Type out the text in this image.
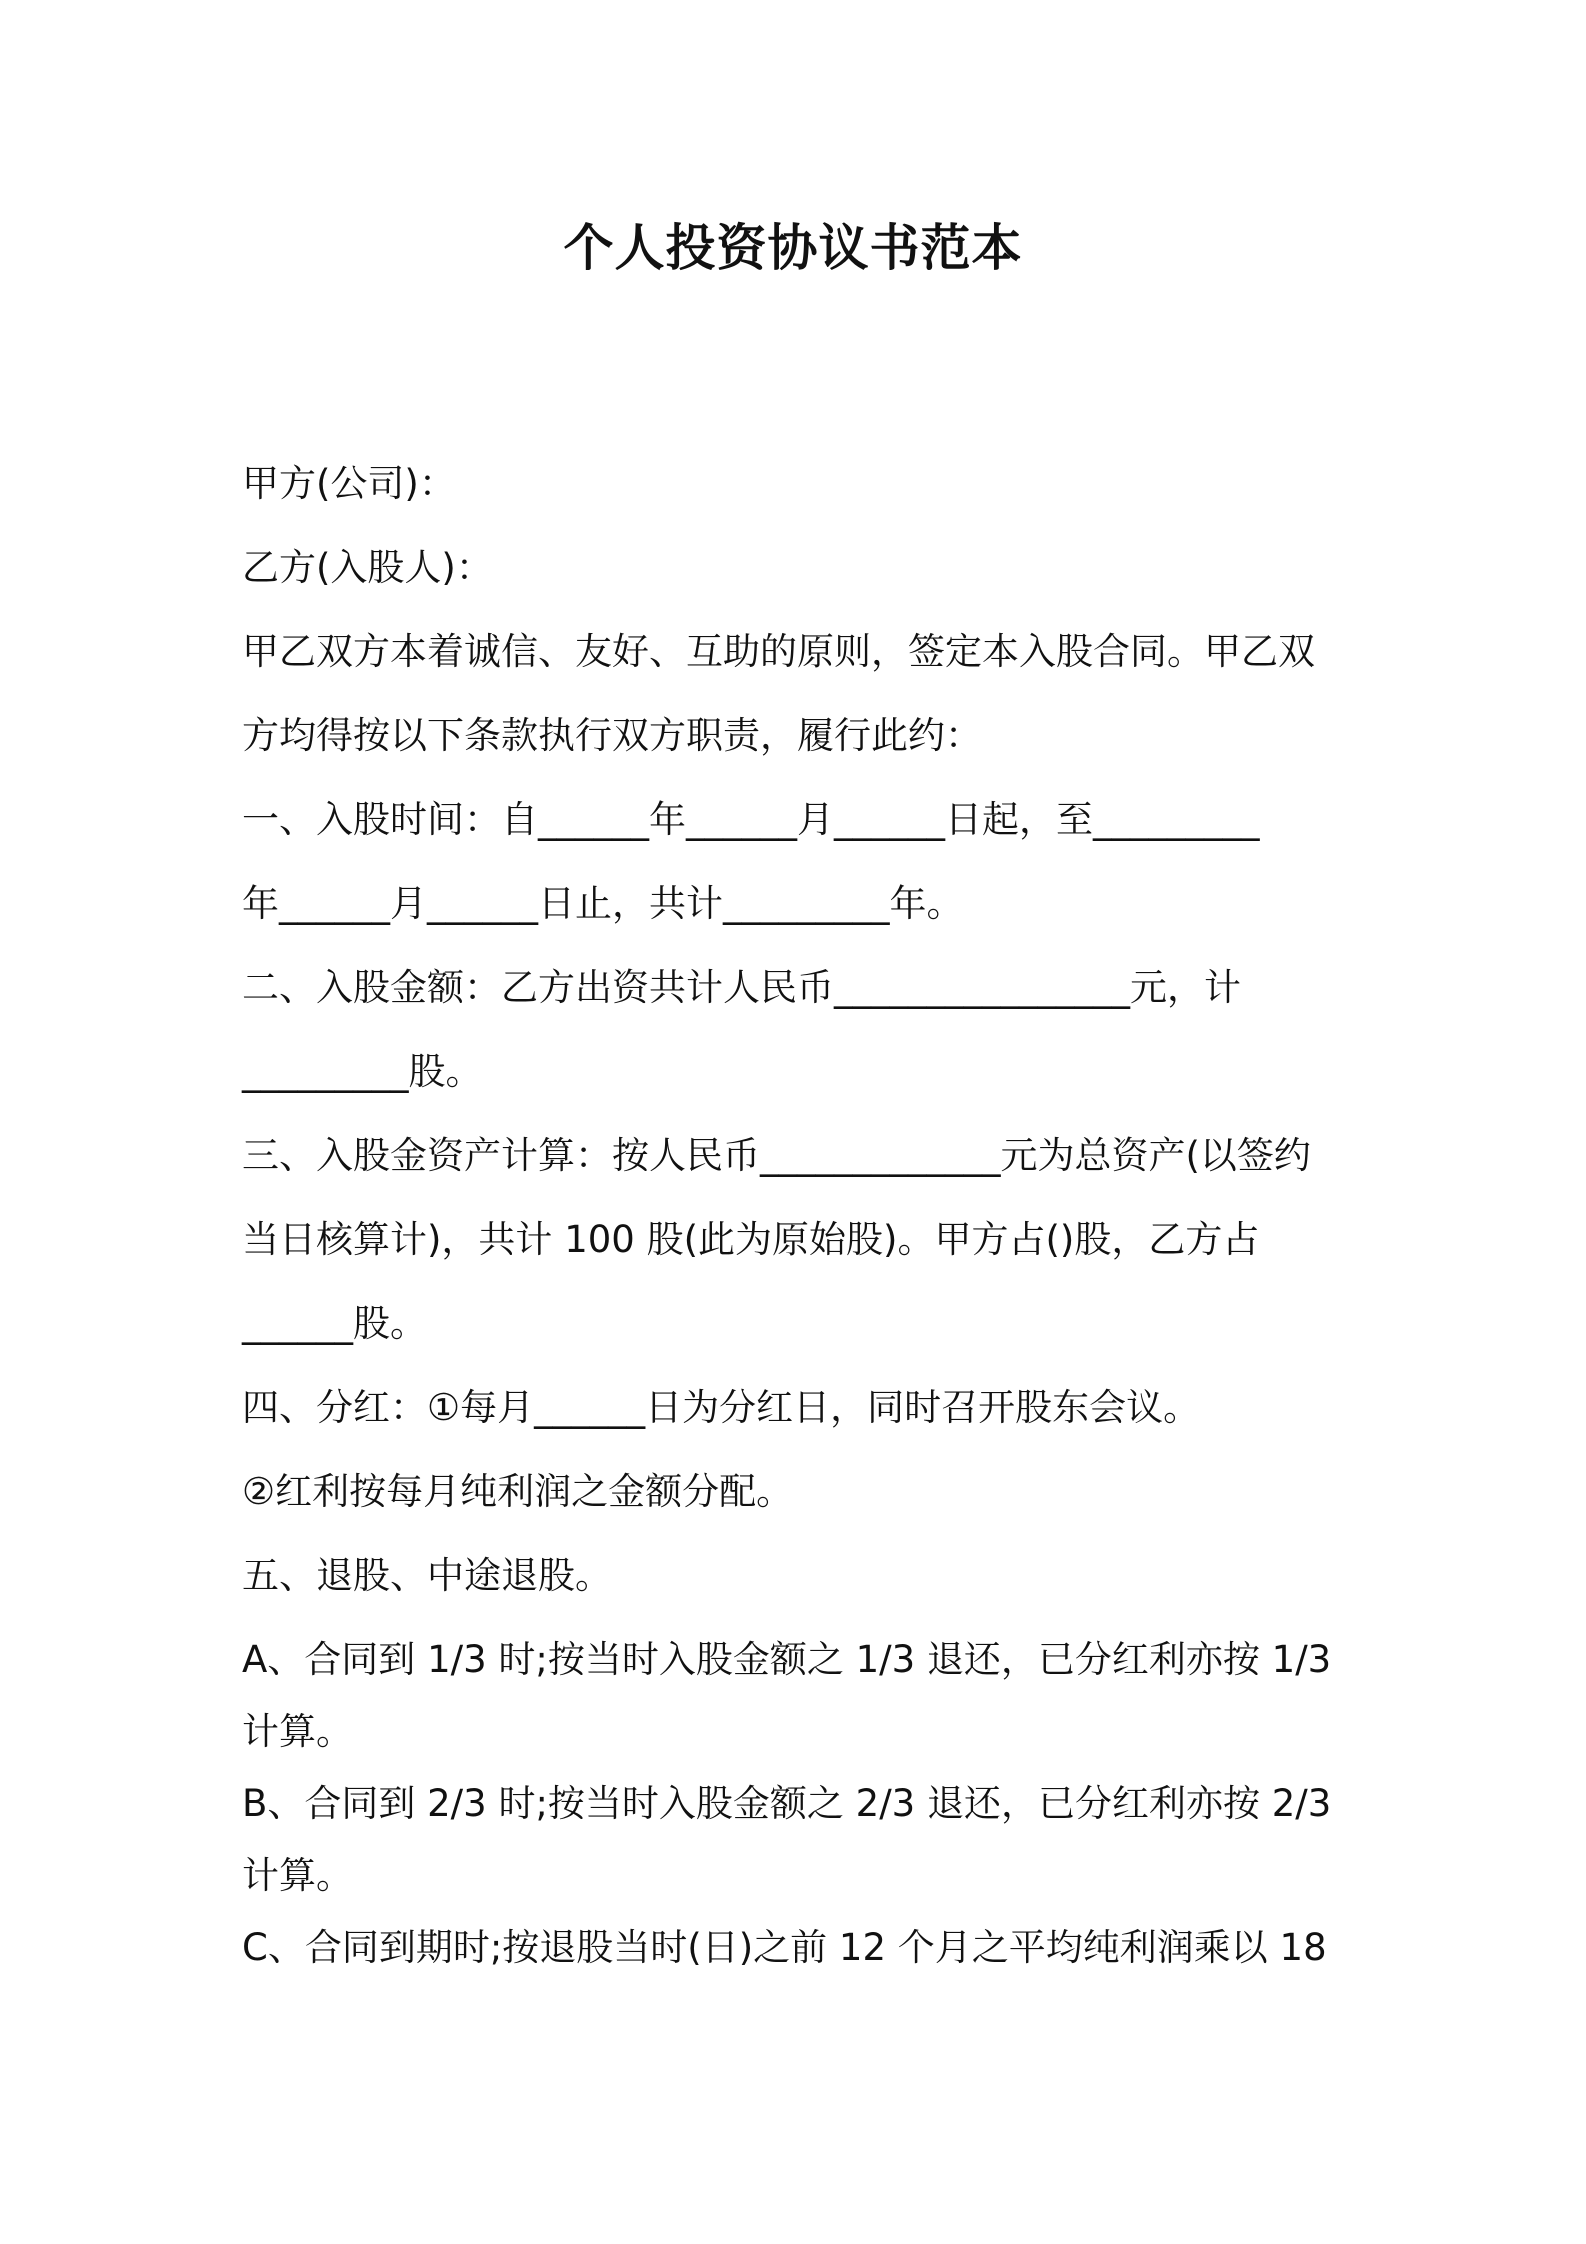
个人投资协议书范本

甲方(公司)：

乙方(入股人)：

甲乙双方本着诚信、友好、互助的原则，签定本入股合同。甲乙双

方均得按以下条款执行双方职责，履行此约：

一、入股时间：自______年______月______日起，至_________

年______月______日止，共计_________年。

二、入股金额：乙方出资共计人民币________________元，计

_________股。

三、入股金资产计算：按人民币_____________元为总资产(以签约

当日核算计)，共计 100 股(此为原始股)。甲方占()股，乙方占

______股。

四、分红：①每月______日为分红日，同时召开股东会议。

②红利按每月纯利润之金额分配。

五、退股、中途退股。

A、合同到 1/3 时;按当时入股金额之 1/3 退还，已分红利亦按 1/3

计算。

B、合同到 2/3 时;按当时入股金额之 2/3 退还，已分红利亦按 2/3

计算。

C、合同到期时;按退股当时(日)之前 12 个月之平均纯利润乘以 18
